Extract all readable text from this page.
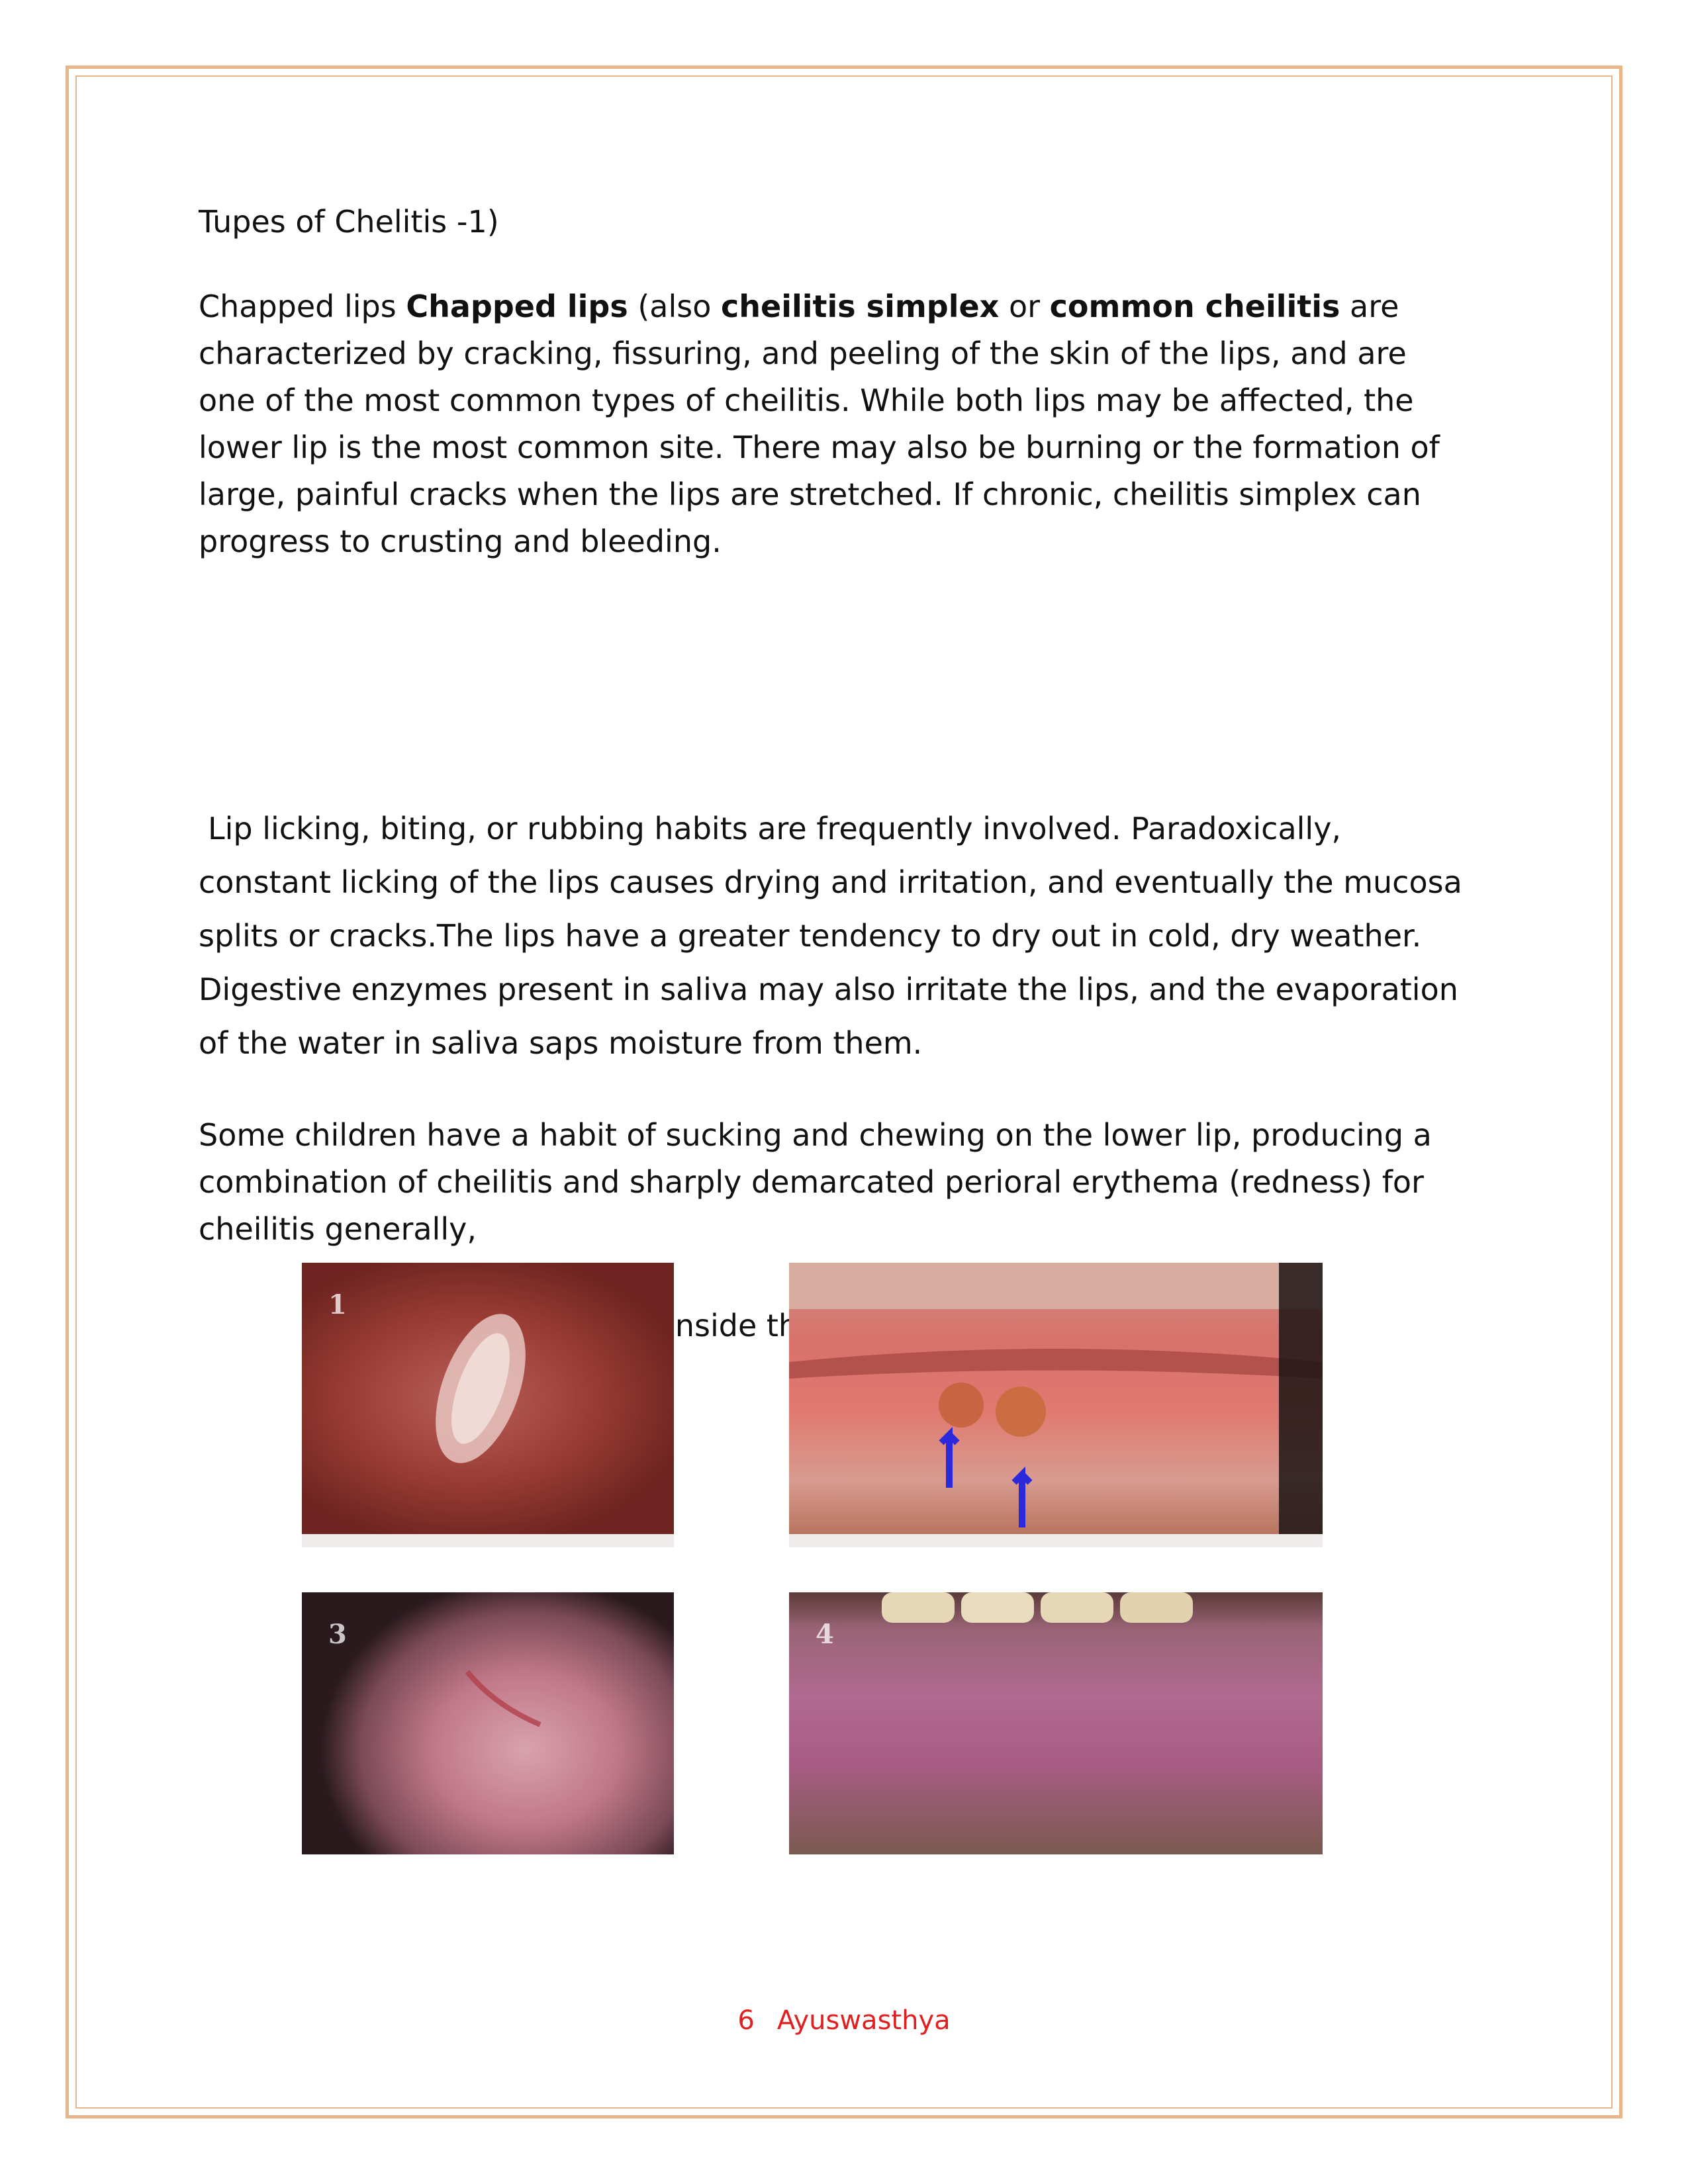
Tupes of Chelitis -1)

Chapped lips Chapped lips (also cheilitis simplex or common cheilitis are
characterized by cracking, fissuring, and peeling of the skin of the lips, and are
one of the most common types of cheilitis. While both lips may be affected, the
lower lip is the most common site. There may also be burning or the formation of
large, painful cracks when the lips are stretched. If chronic, cheilitis simplex can
progress to crusting and bleeding.

Lip licking, biting, or rubbing habits are frequently involved. Paradoxically,
constant licking of the lips causes drying and irritation, and eventually the mucosa
splits or cracks.The lips have a greater tendency to dry out in cold, dry weather.
Digestive enzymes present in saliva may also irritate the lips, and the evaporation
of the water in saliva saps moisture from them.

Some children have a habit of sucking and chewing on the lower lip, producing a
combination of cheilitis and sharply demarcated perioral erythema (redness) for
cheilitis generally,

inside
1
3	4
6 Ayuswasthya
